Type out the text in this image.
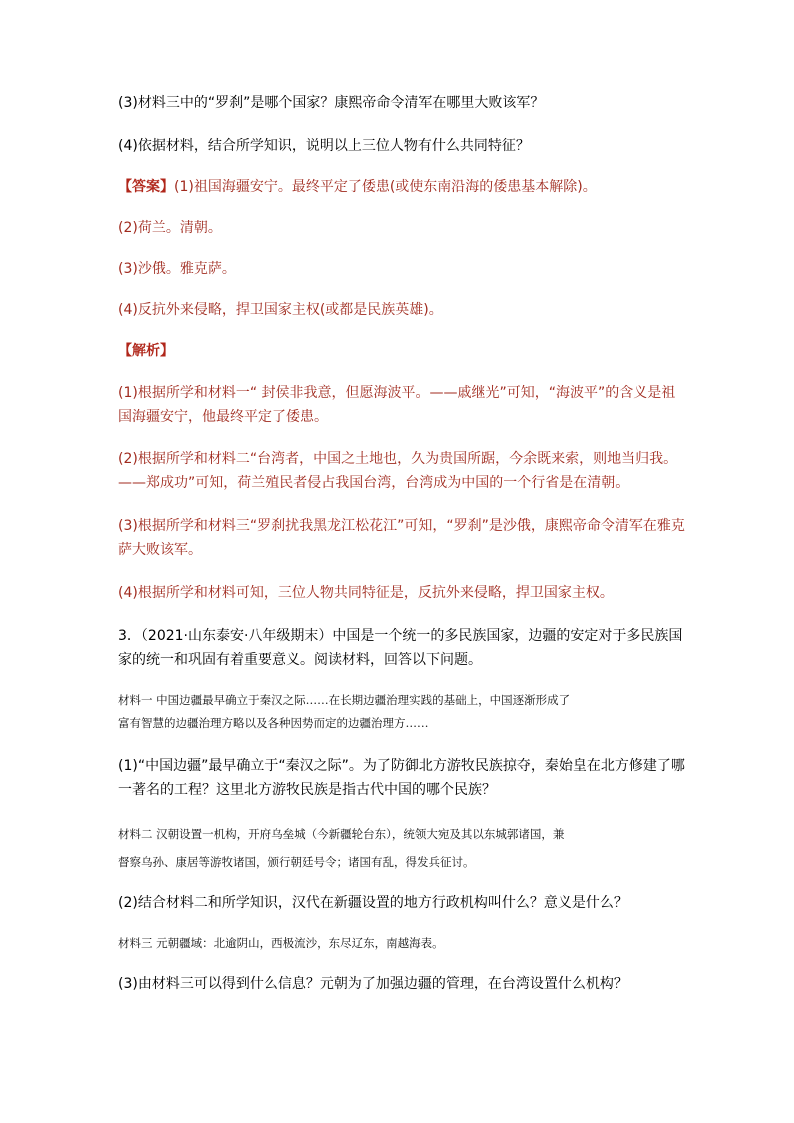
(3)材料三中的“罗刹”是哪个国家？康熙帝命令清军在哪里大败该军？
(4)依据材料，结合所学知识，说明以上三位人物有什么共同特征？
【答案】(1)祖国海疆安宁。最终平定了倭患(或使东南沿海的倭患基本解除)。
(2)荷兰。清朝。
(3)沙俄。雅克萨。
(4)反抗外来侵略，捍卫国家主权(或都是民族英雄)。
【解析】
(1)根据所学和材料一“ 封侯非我意，但愿海波平。——戚继光”可知，“海波平”的含义是祖
国海疆安宁，他最终平定了倭患。
(2)根据所学和材料二“台湾者，中国之土地也，久为贵国所踞，今余既来索，则地当归我。
——郑成功”可知，荷兰殖民者侵占我国台湾，台湾成为中国的一个行省是在清朝。
(3)根据所学和材料三“罗刹扰我黑龙江松花江”可知，“罗刹”是沙俄，康熙帝命令清军在雅克
萨大败该军。
(4)根据所学和材料可知，三位人物共同特征是，反抗外来侵略，捍卫国家主权。
3．（2021·山东泰安·八年级期末）中国是一个统一的多民族国家，边疆的安定对于多民族国
家的统一和巩固有着重要意义。阅读材料，回答以下问题。
材料一 中国边疆最早确立于秦汉之际……在长期边疆治理实践的基础上，中国逐渐形成了
富有智慧的边疆治理方略以及各种因势而定的边疆治理方……
(1)“中国边疆”最早确立于“秦汉之际”。为了防御北方游牧民族掠夺，秦始皇在北方修建了哪
一著名的工程？这里北方游牧民族是指古代中国的哪个民族？
材料二 汉朝设置一机构，开府乌垒城（今新疆轮台东），统领大宛及其以东城郭诸国，兼
督察乌孙、康居等游牧诸国，颁行朝廷号令；诸国有乱，得发兵征讨。
(2)结合材料二和所学知识，汉代在新疆设置的地方行政机构叫什么？意义是什么？
材料三 元朝疆域：北逾阴山，西极流沙，东尽辽东，南越海表。
(3)由材料三可以得到什么信息？元朝为了加强边疆的管理，在台湾设置什么机构？
